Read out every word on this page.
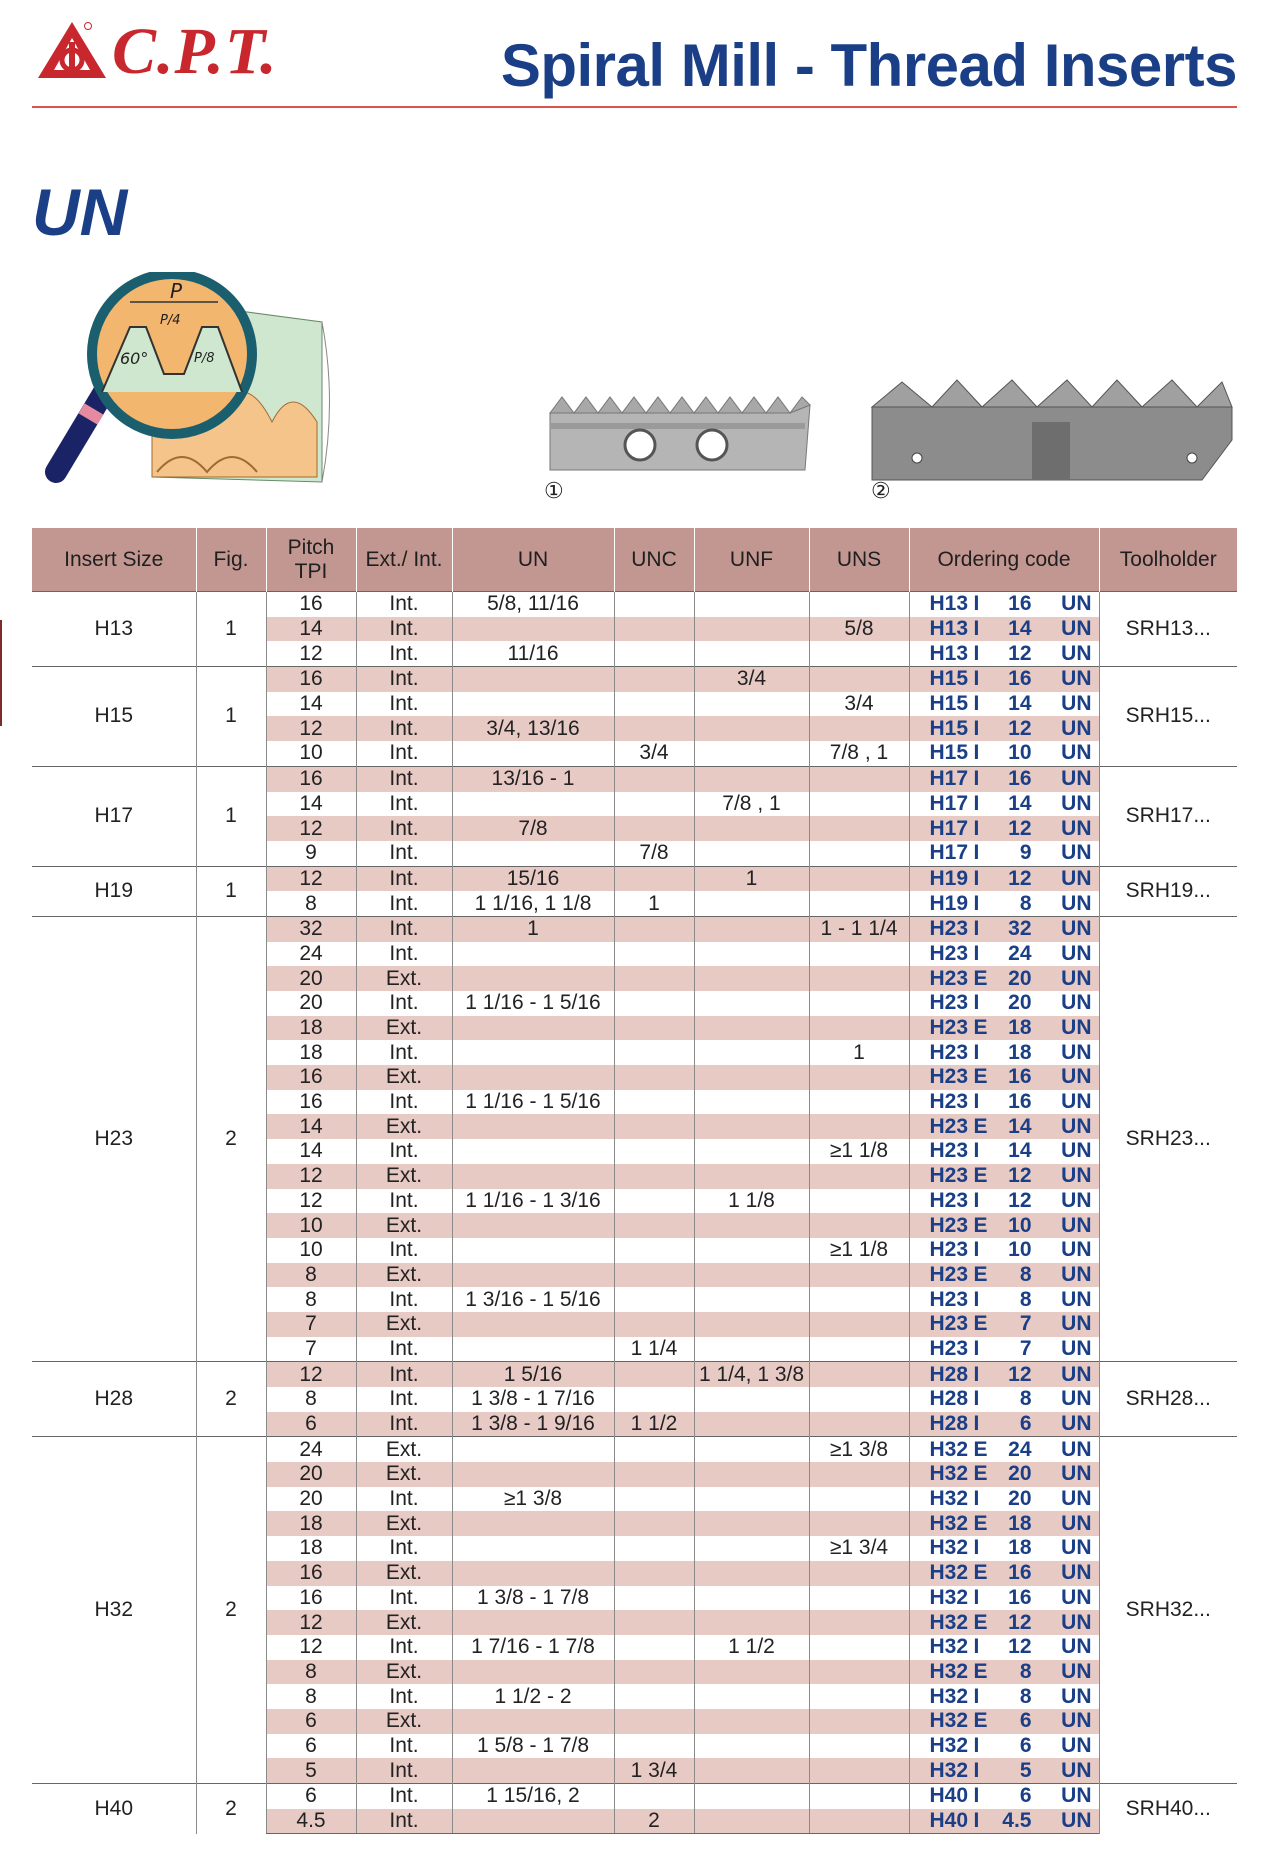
C.P.T.	Spiral Mill - Thread Inserts
UN
P
P/4
60°	P/8
①	②
Insert Size	Fig.	Pitch
TPI	Ext./ Int.	UN	UNC	UNF	UNS	Ordering code	Toolholder
H13	1	16	Int.	5/8, 11/16				H13 I 16 UN	SRH13...
		14	Int.				5/8	H13 I 14 UN	
		12	Int.	11/16				H13 I 12 UN	
H15	1	16	Int.			3/4		H15 I 16 UN	SRH15...
		14	Int.				3/4	H15 I 14 UN	
		12	Int.	3/4, 13/16				H15 I 12 UN	
		10	Int.		3/4		7/8 , 1	H15 I 10 UN	
H17	1	16	Int.	13/16 - 1				H17 I 16 UN	SRH17...
		14	Int.			7/8 , 1		H17 I 14 UN	
		12	Int.	7/8				H17 I 12 UN	
		9	Int.		7/8			H17 I 9 UN	
H19	1	12	Int.	15/16		1		H19 I 12 UN	SRH19...
		8	Int.	1 1/16, 1 1/8	1			H19 I 8 UN	
H23	2	32	Int.	1			1 - 1 1/4	H23 I 32 UN	SRH23...
		24	Int.					H23 I 24 UN	
		20	Ext.					H23 E 20 UN	
		20	Int.	1 1/16 - 1 5/16				H23 I 20 UN	
		18	Ext.					H23 E 18 UN	
		18	Int.				1	H23 I 18 UN	
		16	Ext.					H23 E 16 UN	
		16	Int.	1 1/16 - 1 5/16				H23 I 16 UN	
		14	Ext.					H23 E 14 UN	
		14	Int.				≥1 1/8	H23 I 14 UN	
		12	Ext.					H23 E 12 UN	
		12	Int.	1 1/16 - 1 3/16		1 1/8		H23 I 12 UN	
		10	Ext.					H23 E 10 UN	
		10	Int.				≥1 1/8	H23 I 10 UN	
		8	Ext.					H23 E 8 UN	
		8	Int.	1 3/16 - 1 5/16				H23 I 8 UN	
		7	Ext.					H23 E 7 UN	
		7	Int.		1 1/4			H23 I 7 UN	
H28	2	12	Int.	1 5/16		1 1/4, 1 3/8		H28 I 12 UN	SRH28...
		8	Int.	1 3/8 - 1 7/16				H28 I 8 UN	
		6	Int.	1 3/8 - 1 9/16	1 1/2			H28 I 6 UN	
H32	2	24	Ext.				≥1 3/8	H32 E 24 UN	SRH32...
		20	Ext.					H32 E 20 UN	
		20	Int.	≥1 3/8				H32 I 20 UN	
		18	Ext.					H32 E 18 UN	
		18	Int.				≥1 3/4	H32 I 18 UN	
		16	Ext.					H32 E 16 UN	
		16	Int.	1 3/8 - 1 7/8				H32 I 16 UN	
		12	Ext.					H32 E 12 UN	
		12	Int.	1 7/16 - 1 7/8		1 1/2		H32 I 12 UN	
		8	Ext.					H32 E 8 UN	
		8	Int.	1 1/2 - 2				H32 I 8 UN	
		6	Ext.					H32 E 6 UN	
		6	Int.	1 5/8 - 1 7/8				H32 I 6 UN	
		5	Int.		1 3/4			H32 I 5 UN	
H40	2	6	Int.	1 15/16, 2				H40 I 6 UN	SRH40...
		4.5	Int.		2			H40 I 4.5 UN	
